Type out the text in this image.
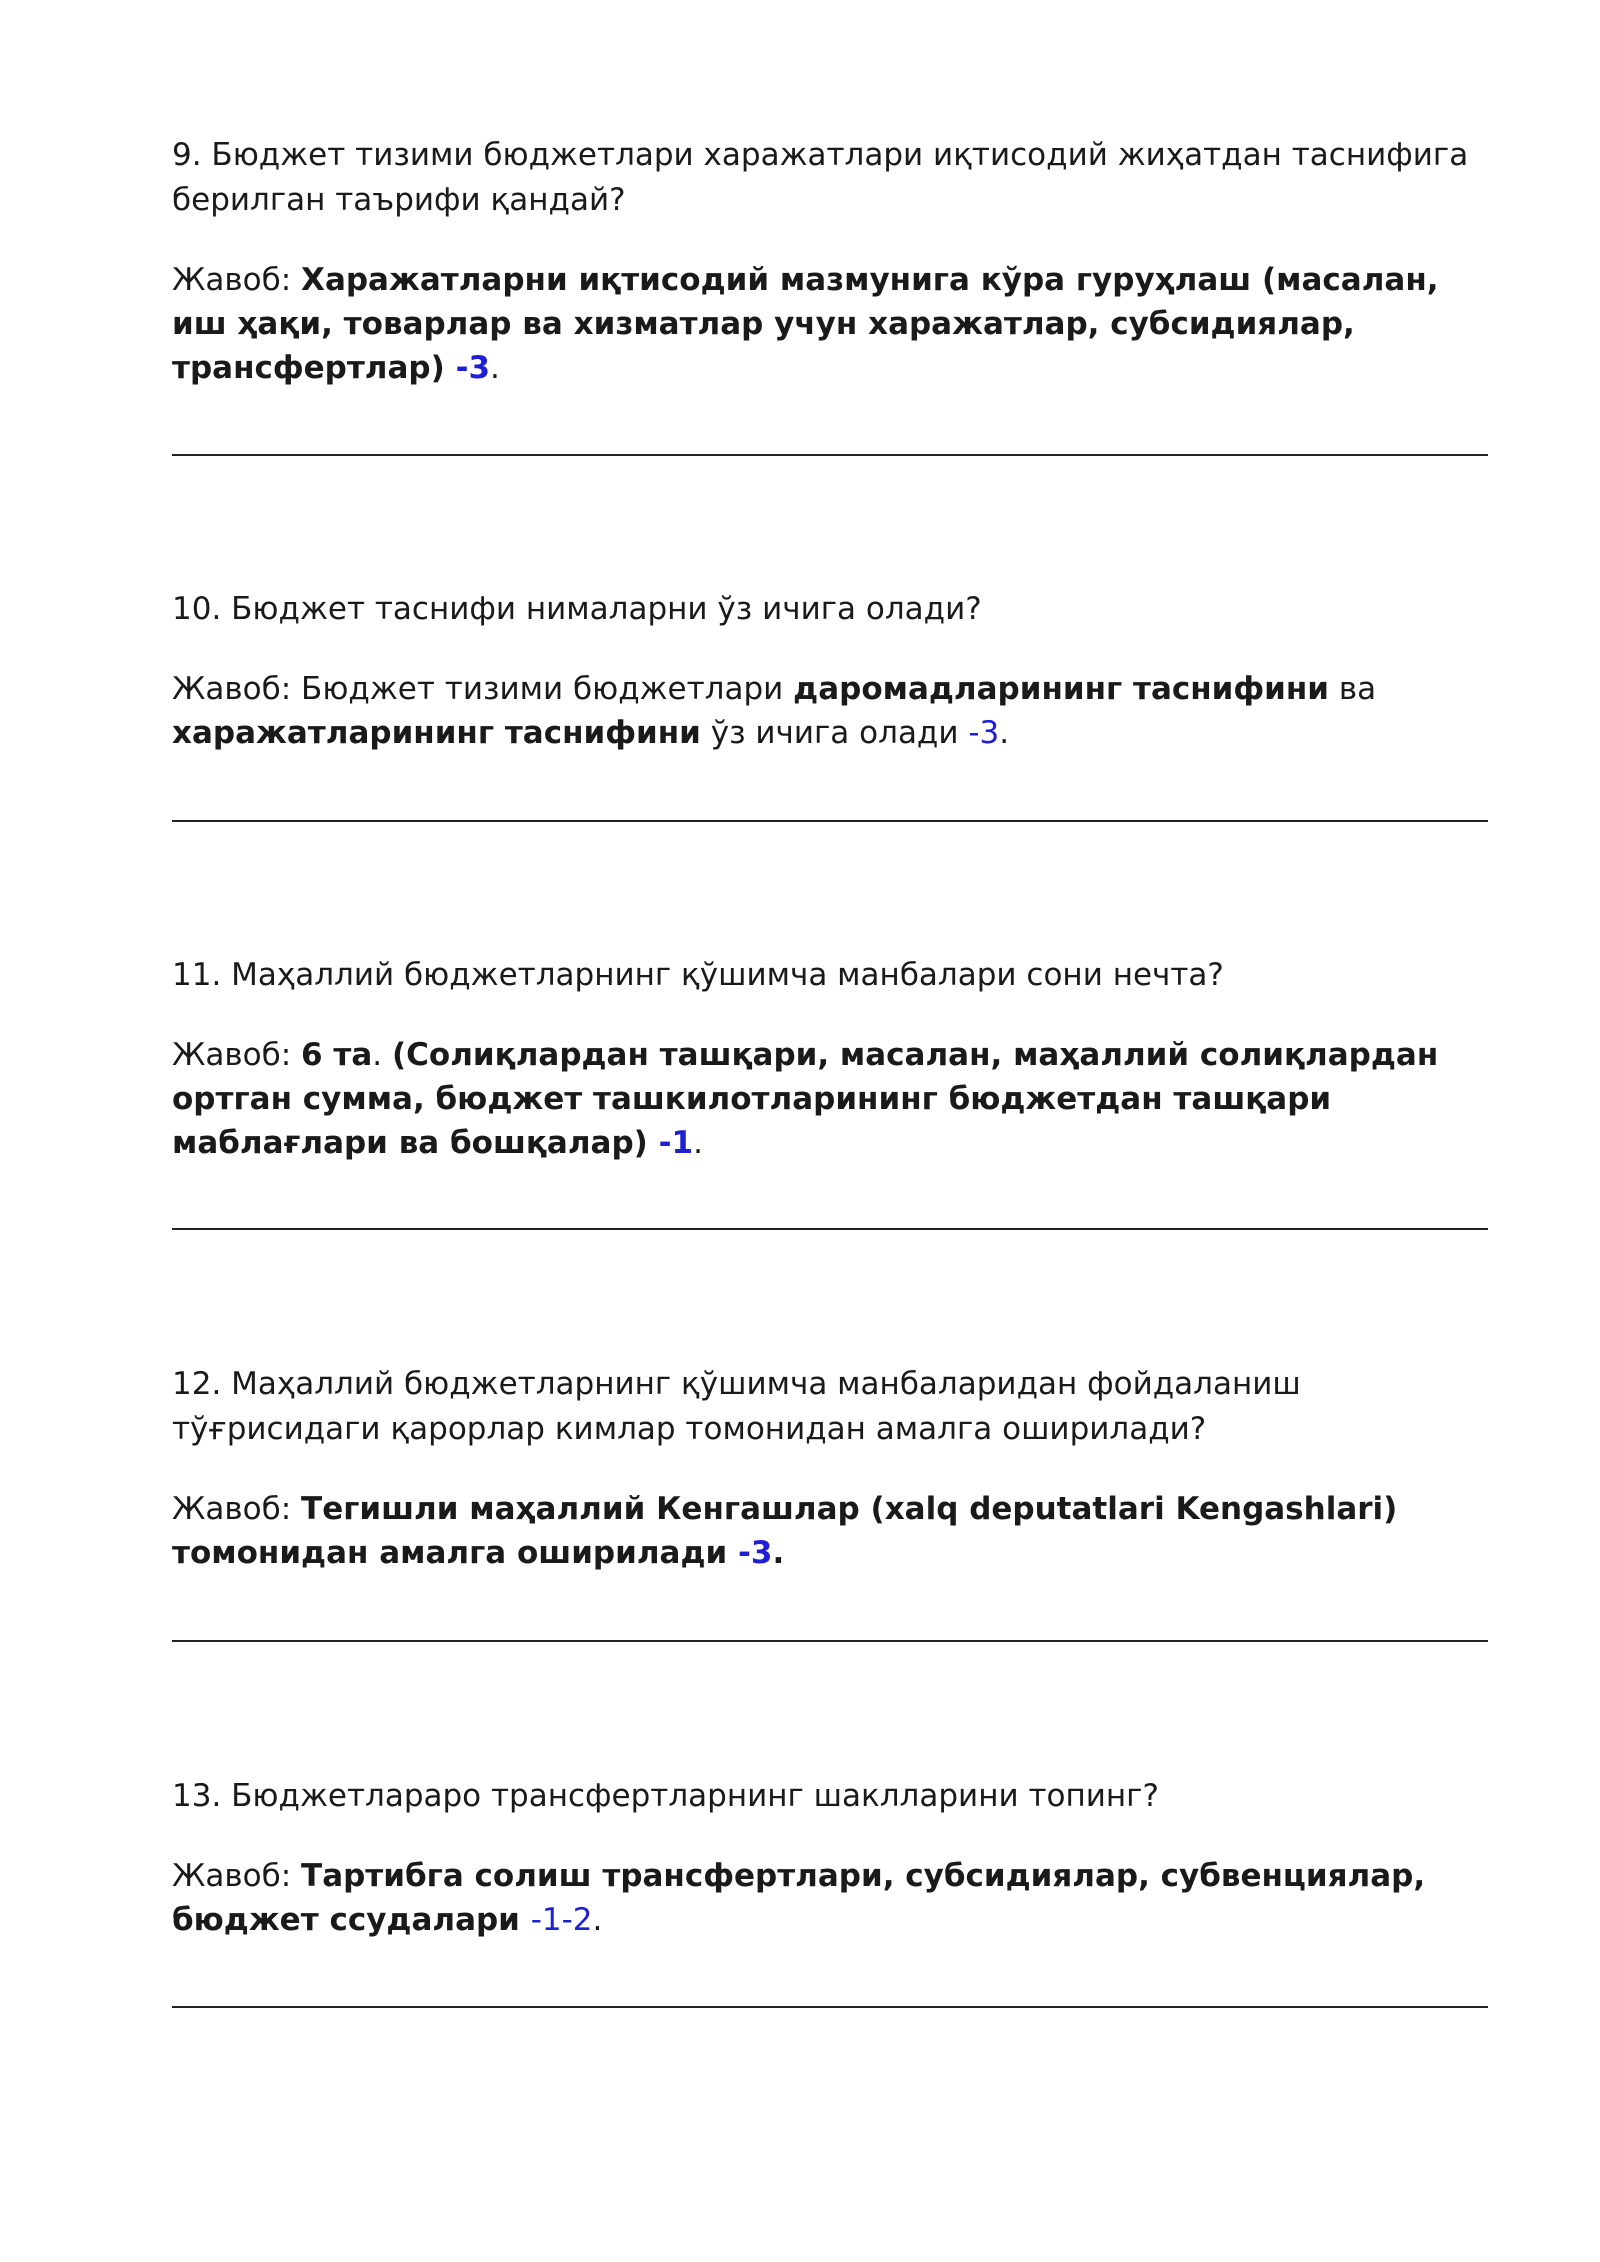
9. Бюджет тизими бюджетлари харажатлари иқтисодий жиҳатдан таснифига берилган таърифи қандай?

Жавоб: Харажатларни иқтисодий мазмунига кўра гуруҳлаш (масалан, иш ҳақи, товарлар ва хизматлар учун харажатлар, субсидиялар, трансфертлар) -3.

10. Бюджет таснифи нималарни ўз ичига олади?

Жавоб: Бюджет тизими бюджетлари даромадларининг таснифини ва харажатларининг таснифини ўз ичига олади -3.

11. Маҳаллий бюджетларнинг қўшимча манбалари сони нечта?

Жавоб: 6 та. (Солиқлардан ташқари, масалан, маҳаллий солиқлардан ортган сумма, бюджет ташкилотларининг бюджетдан ташқари маблағлари ва бошқалар) -1.

12. Маҳаллий бюджетларнинг қўшимча манбаларидан фойдаланиш тўғрисидаги қарорлар кимлар томонидан амалга оширилади?

Жавоб: Тегишли маҳаллий Кенгашлар (xalq deputatlari Kengashlari) томонидан амалга оширилади -3.

13. Бюджетлараро трансфертларнинг шаклларини топинг?

Жавоб: Тартибга солиш трансфертлари, субсидиялар, субвенциялар, бюджет ссудалари -1-2.
